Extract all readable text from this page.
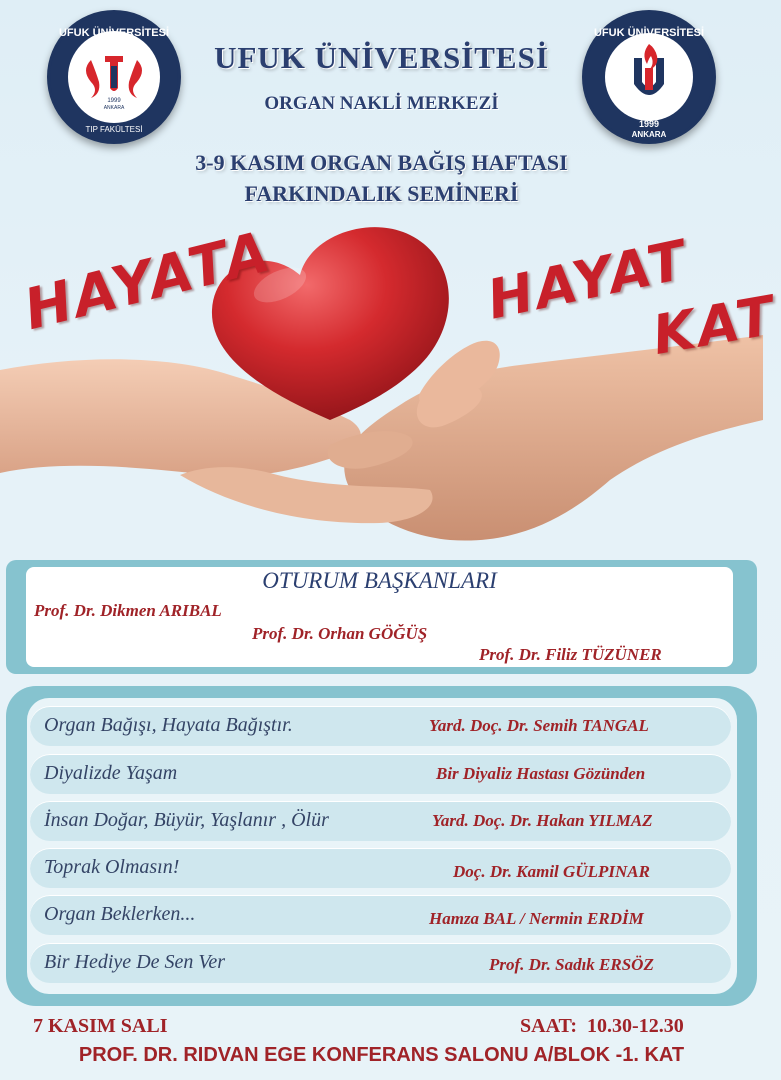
UFUK ÜNİVERSİTESİ
1999
ANKARA
TIP FAKÜLTESİ
UFUK ÜNİVERSİTESİ
1999
ANKARA
UFUK ÜNİVERSİTESİ
ORGAN NAKLİ MERKEZİ
3-9 KASIM ORGAN BAĞIŞ HAFTASI
FARKINDALIK SEMİNERİ
HAYATA	HAYAT
KAT
OTURUM BAŞKANLARI
Prof. Dr. Dikmen ARIBAL
Prof. Dr. Orhan GÖĞÜŞ
Prof. Dr. Filiz TÜZÜNER
Organ Bağışı, Hayata Bağıştır.	Yard. Doç. Dr. Semih TANGAL
Diyalizde Yaşam	Bir Diyaliz Hastası Gözünden
İnsan Doğar, Büyür, Yaşlanır , Ölür	Yard. Doç. Dr. Hakan YILMAZ
Toprak Olmasın!	Doç. Dr. Kamil GÜLPINAR
Organ Beklerken...	Hamza BAL / Nermin ERDİM
Bir Hediye De Sen Ver	Prof. Dr. Sadık ERSÖZ
7 KASIM SALI	SAAT:  10.30-12.30
PROF. DR. RIDVAN EGE KONFERANS SALONU A/BLOK -1. KAT
